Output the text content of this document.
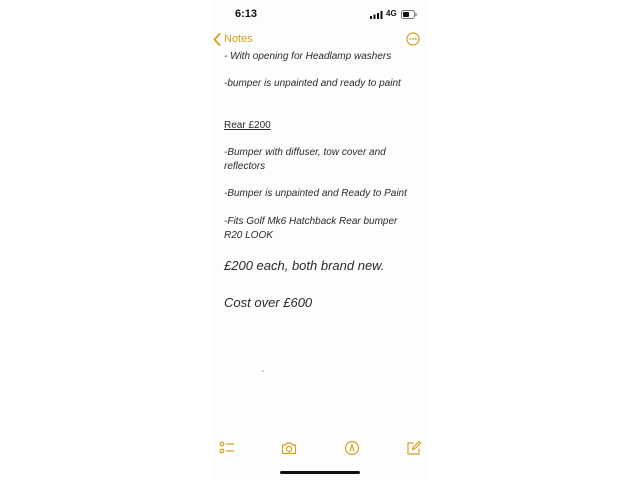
6:13	4G
Notes
- With opening for Headlamp washers
-bumper is unpainted and ready to paint
Rear £200
-Bumper with diffuser, tow cover and
reflectors
-Bumper is unpainted and Ready to Paint
-Fits Golf Mk6 Hatchback Rear bumper
R20 LOOK
£200 each, both brand new.
Cost over £600
